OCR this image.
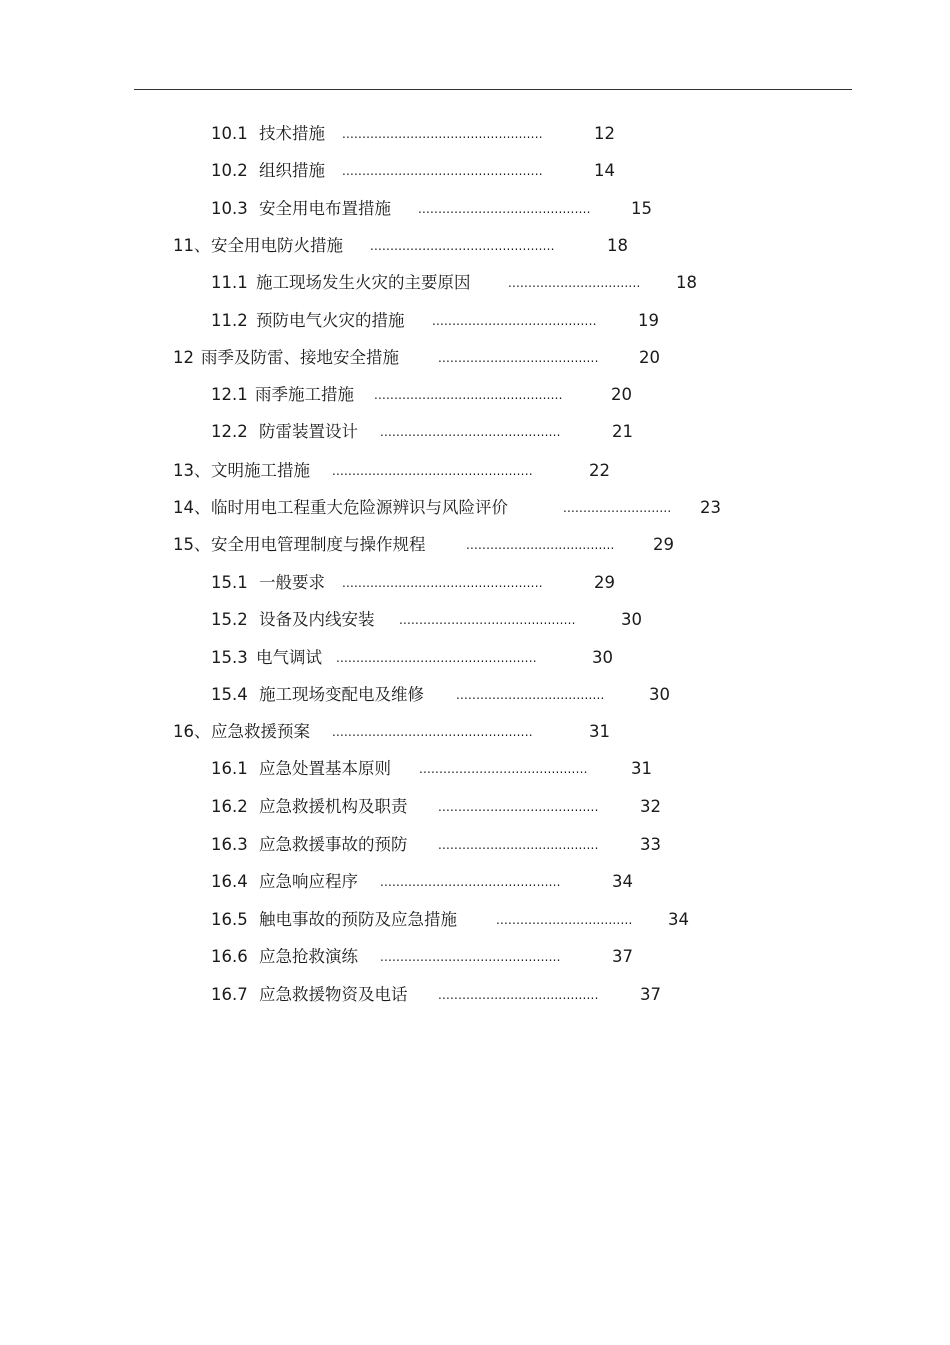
10.1 技术措施 ..................................................	12
10.2 组织措施 ..................................................	14
10.3 安全用电布置措施 ...........................................	15
11、 安全用电防火措施 ..............................................	18
11.1 施工现场发生火灾的主要原因	.................................	18
11.2 预防电气火灾的措施 .........................................	19
12 雨季及防雷、接地安全措施	........................................	20
12.1 雨季施工措施 ...............................................	20
12.2 防雷装置设计 .............................................	21
13、 文明施工措施 ..................................................	22
14、 临时用电工程重大危险源辨识与风险评价	...........................	23
15、 安全用电管理制度与操作规程	.....................................	29
15.1 一般要求 ..................................................	29
15.2 设备及内线安装 ............................................	30
15.3 电气调试 ..................................................	30
15.4 施工现场变配电及维修	.....................................	30
16、 应急救援预案 ..................................................	31
16.1 应急处置基本原则 ..........................................	31
16.2 应急救援机构及职责	........................................	32
16.3 应急救援事故的预防	........................................	33
16.4 应急响应程序 .............................................	34
16.5 触电事故的预防及应急措施	..................................	34
16.6 应急抢救演练 .............................................	37
16.7 应急救援物资及电话	........................................	37
